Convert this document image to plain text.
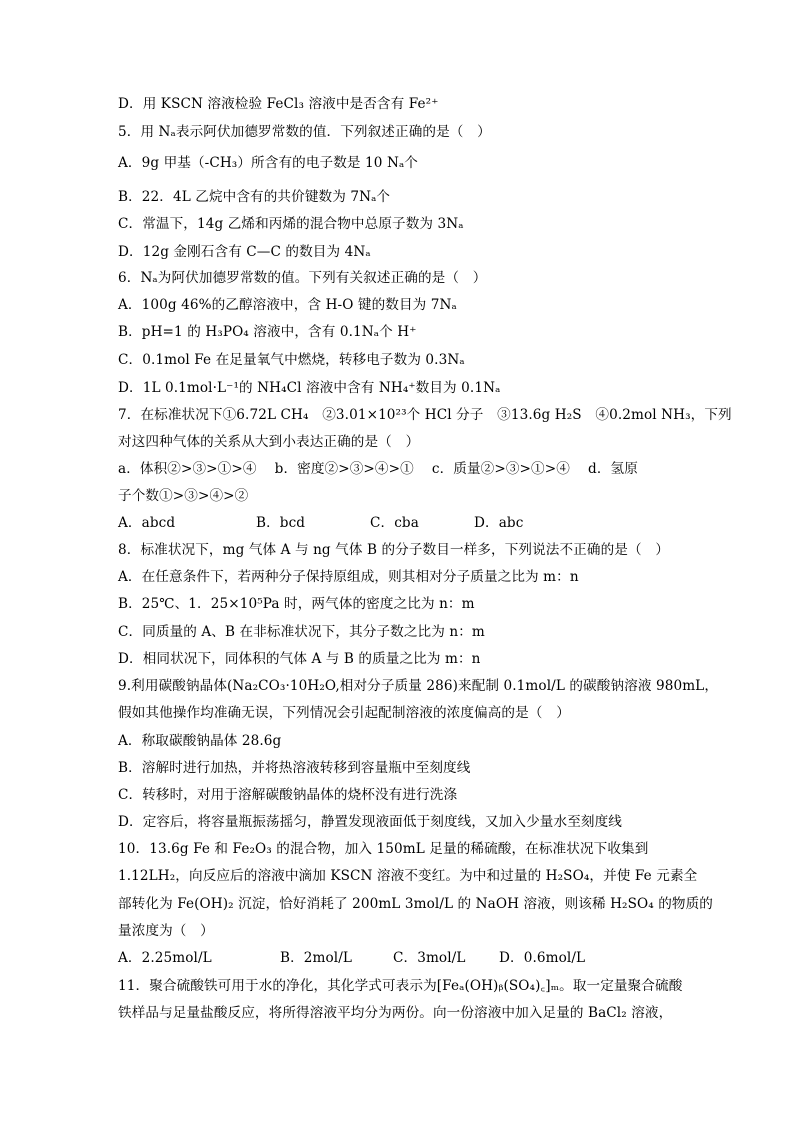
D．用 KSCN 溶液检验 FeCl₃ 溶液中是否含有 Fe²⁺
5．用 Nₐ表示阿伏加德罗常数的值．下列叙述正确的是（　）
A．9g 甲基（-CH₃）所含有的电子数是 10 Nₐ个
B．22．4L 乙烷中含有的共价键数为 7Nₐ个
C．常温下，14g 乙烯和丙烯的混合物中总原子数为 3Nₐ
D．12g 金刚石含有 C—C 的数目为 4Nₐ
6．Nₐ为阿伏加德罗常数的值。下列有关叙述正确的是（　）
A．100g 46%的乙醇溶液中，含 H-O 键的数目为 7Nₐ
B．pH=1 的 H₃PO₄ 溶液中，含有 0.1Nₐ个 H⁺
C．0.1mol Fe 在足量氧气中燃烧，转移电子数为 0.3Nₐ
D．1L 0.1mol·L⁻¹的 NH₄Cl 溶液中含有 NH₄⁺数目为 0.1Nₐ
7．在标准状况下①6.72L CH₄　②3.01×10²³个 HCl 分子　③13.6g H₂S　④0.2mol NH₃，下列
对这四种气体的关系从大到小表达正确的是（　）
a．体积②>③>①>④　 b．密度②>③>④>①　 c．质量②>③>①>④　 d．氢原
子个数①>③>④>②
A．abcd	B．bcd	C．cba	D．abc
8．标准状况下，mg 气体 A 与 ng 气体 B 的分子数目一样多，下列说法不正确的是（　）
A．在任意条件下，若两种分子保持原组成，则其相对分子质量之比为 m：n
B．25℃、1．25×10⁵Pa 时，两气体的密度之比为 n：m
C．同质量的 A、B 在非标准状况下，其分子数之比为 n：m
D．相同状况下，同体积的气体 A 与 B 的质量之比为 m：n
9.利用碳酸钠晶体(Na₂CO₃·10H₂O,相对分子质量 286)来配制 0.1mol/L 的碳酸钠溶液 980mL，
假如其他操作均准确无误，下列情况会引起配制溶液的浓度偏高的是（　）
A．称取碳酸钠晶体 28.6g
B．溶解时进行加热，并将热溶液转移到容量瓶中至刻度线
C．转移时，对用于溶解碳酸钠晶体的烧杯没有进行洗涤
D．定容后，将容量瓶振荡摇匀，静置发现液面低于刻度线，又加入少量水至刻度线
10．13.6g Fe 和 Fe₂O₃ 的混合物，加入 150mL 足量的稀硫酸，在标准状况下收集到
1.12LH₂，向反应后的溶液中滴加 KSCN 溶液不变红。为中和过量的 H₂SO₄，并使 Fe 元素全
部转化为 Fe(OH)₂ 沉淀，恰好消耗了 200mL 3mol/L 的 NaOH 溶液，则该稀 H₂SO₄ 的物质的
量浓度为（　）
A．2.25mol/L	B．2mol/L	C．3mol/L	D．0.6mol/L
11．聚合硫酸铁可用于水的净化，其化学式可表示为[Feₐ(OH)ᵦ(SO₄)꜀]ₘ。取一定量聚合硫酸
铁样品与足量盐酸反应，将所得溶液平均分为两份。向一份溶液中加入足量的 BaCl₂ 溶液，
